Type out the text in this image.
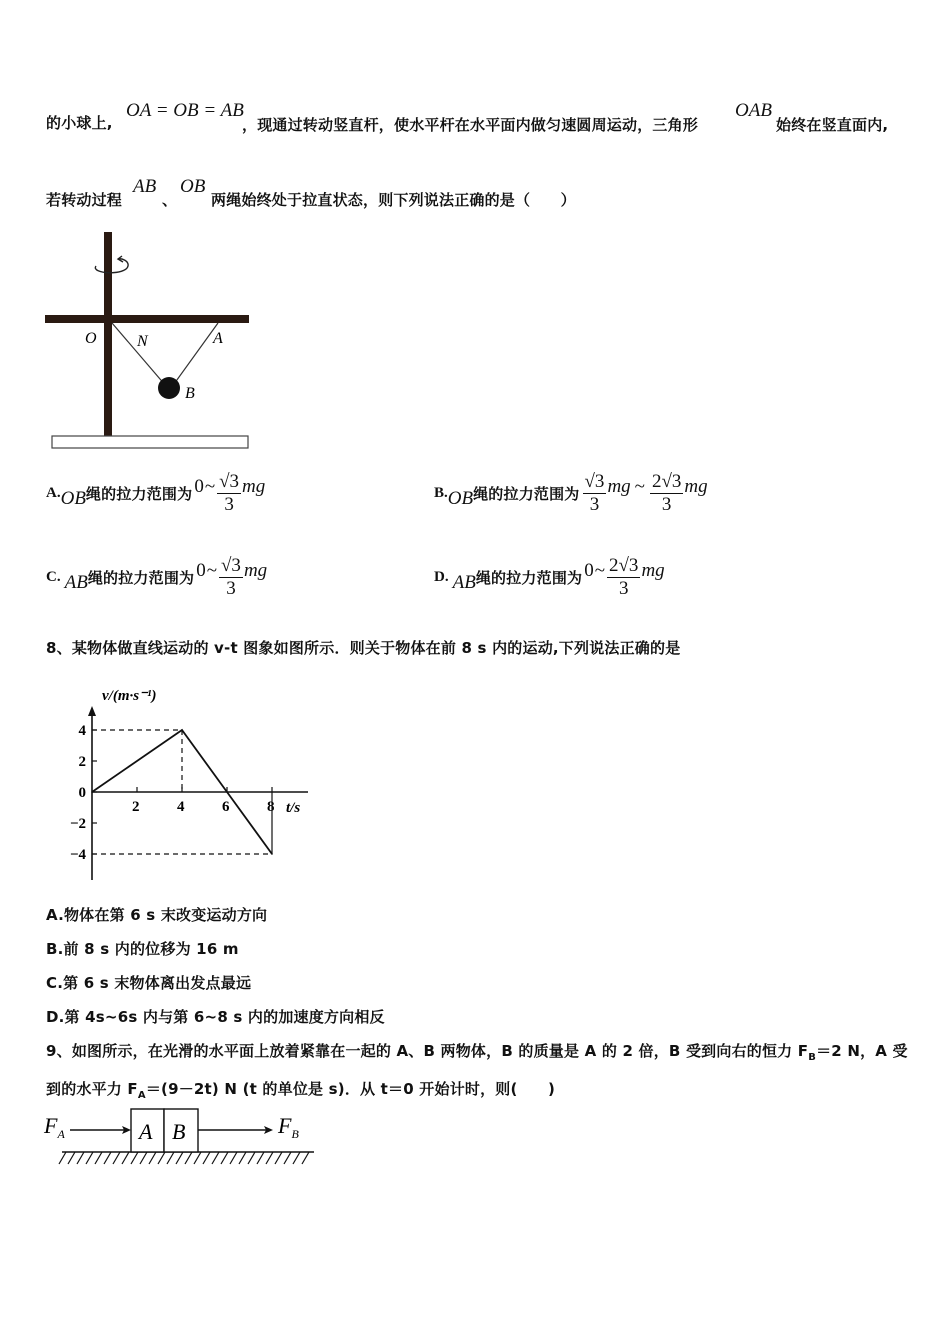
的小球上,
OA = OB = AB
，现通过转动竖直杆，使水平杆在水平面内做匀速圆周运动，三角形
OAB
始终在竖直面内,
若转动过程
AB
、
OB
两绳始终处于拉直状态，则下列说法正确的是（　　）
O	N	A
B
A. OB 绳的拉力范围为 0 ~ $\frac{√3}{3}$ mg	B. OB 绳的拉力范围为 $\frac{√3}{3}$ mg ~ $\frac{2√3}{3}$ mg
C. AB 绳的拉力范围为 0 ~ $\frac{√3}{3}$ mg	D. AB 绳的拉力范围为 0 ~ $\frac{2√3}{3}$ mg
8、某物体做直线运动的 v-t 图象如图所示．则关于物体在前 8 s 内的运动,下列说法正确的是
v/(m·s⁻¹)
t/s
4
2
0
−2
−4
2	4	6	8
A.物体在第 6 s 末改变运动方向
B.前 8 s 内的位移为 16 m
C.第 6 s 末物体离出发点最远
D.第 4s~6s 内与第 6~8 s 内的加速度方向相反
9、如图所示，在光滑的水平面上放着紧靠在一起的 A、B 两物体，B 的质量是 A 的 2 倍，B 受到向右的恒力 $F_B=2$ N，A 受
到的水平力 $F_A=(9-2t)$ N (t 的单位是 s)．从 t＝0 开始计时，则(　　)
A B
$F_A$	$F_B$
